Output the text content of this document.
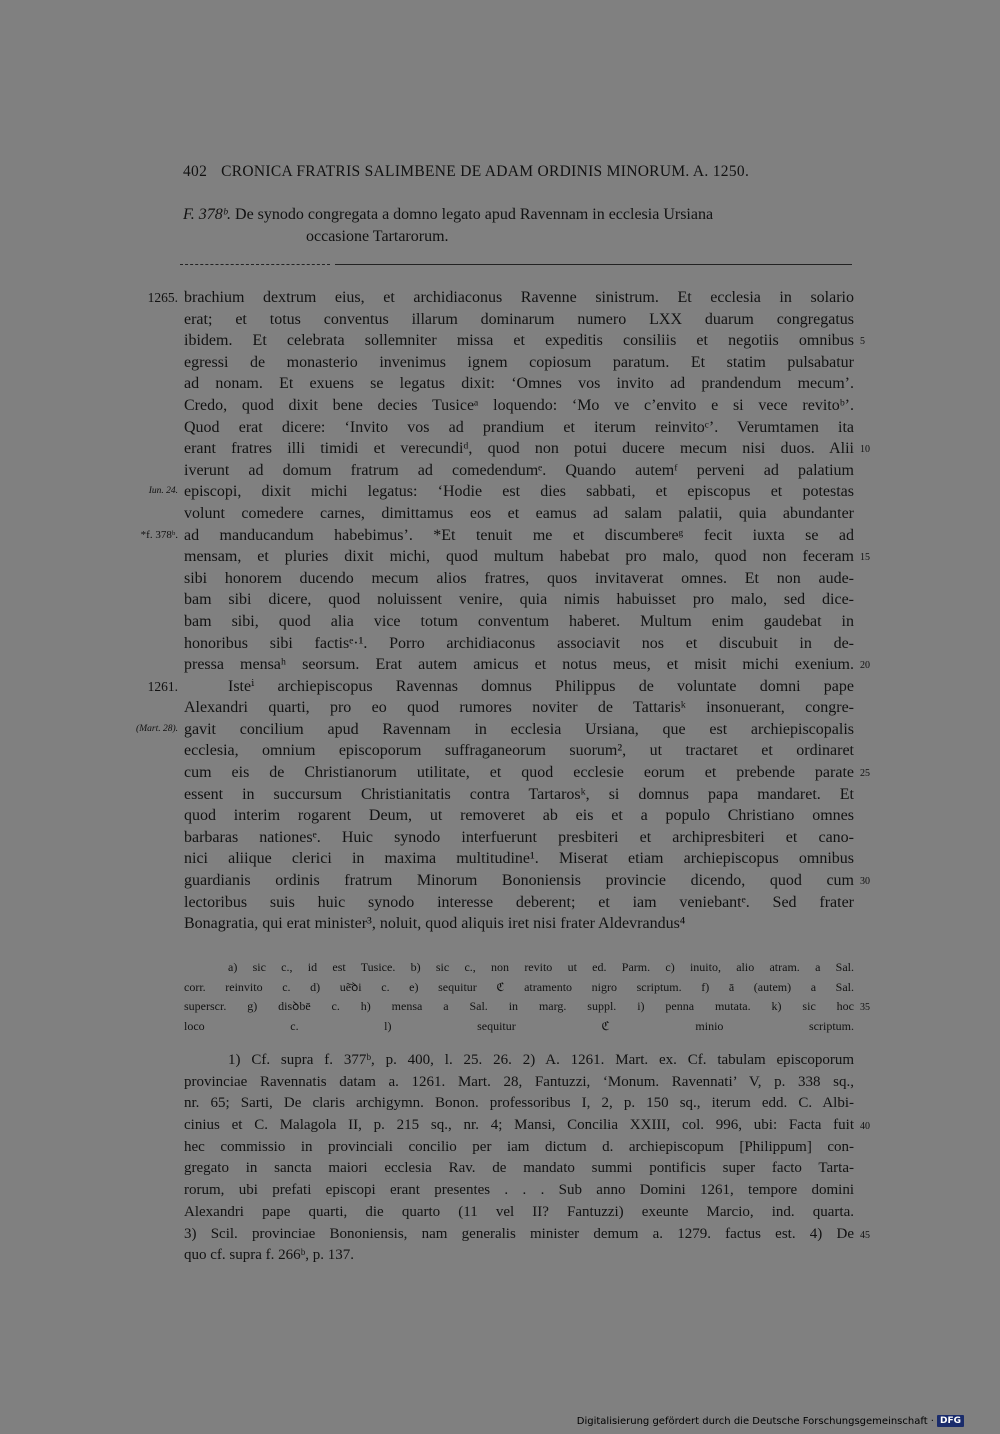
402 CRONICA FRATRIS SALIMBENE DE ADAM ORDINIS MINORUM. A. 1250.
F. 378ᵇ. De synodo congregata a domno legato apud Ravennam in ecclesia Ursiana
occasione Tartarorum.
brachium dextrum eius, et archidiaconus Ravenne sinistrum. Et ecclesia in solario
1265.
erat; et totus conventus illarum dominarum numero LXX duarum congregatus
ibidem. Et celebrata sollemniter missa et expeditis consiliis et negotiis omnibus 5
egressi de monasterio invenimus ignem copiosum paratum. Et statim pulsabatur
ad nonam. Et exuens se legatus dixit: ‘Omnes vos invito ad prandendum mecum’.
Credo, quod dixit bene decies Tusiceᵃ loquendo: ‘Mo ve c’envito e si vece revitoᵇ’.
Quod erat dicere: ‘Invito vos ad prandium et iterum reinvitoᶜ’. Verumtamen ita
erant fratres illi timidi et verecundiᵈ, quod non potui ducere mecum nisi duos. Alii 10
iverunt ad domum fratrum ad comedendumᵉ. Quando autemᶠ perveni ad palatium
episcopi, dixit michi legatus: ‘Hodie est dies sabbati, et episcopus et potestas
Iun. 24.
volunt comedere carnes, dimittamus eos et eamus ad salam palatii, quia abundanter
ad manducandum habebimus’. *Et tenuit me et discumbereᵍ fecit iuxta se ad
*f. 378ᵇ.
mensam, et pluries dixit michi, quod multum habebat pro malo, quod non feceram 15
sibi honorem ducendo mecum alios fratres, quos invitaverat omnes. Et non aude-
bam sibi dicere, quod noluissent venire, quia nimis habuisset pro malo, sed dice-
bam sibi, quod alia vice totum conventum haberet. Multum enim gaudebat in
honoribus sibi factisᵉ·¹. Porro archidiaconus associavit nos et discubuit in de-
pressa mensaʰ seorsum. Erat autem amicus et notus meus, et misit michi exenium. 20
Isteⁱ archiepiscopus Ravennas domnus Philippus de voluntate domni pape
1261.
Alexandri quarti, pro eo quod rumores noviter de Tattarisᵏ insonuerant, congre-
gavit concilium apud Ravennam in ecclesia Ursiana, que est archiepiscopalis
(Mart. 28).
ecclesia, omnium episcoporum suffraganeorum suorum², ut tractaret et ordinaret
cum eis de Christianorum utilitate, et quod ecclesie eorum et prebende parate 25
essent in succursum Christianitatis contra Tartarosᵏ, si domnus papa mandaret. Et
quod interim rogarent Deum, ut removeret ab eis et a populo Christiano omnes
barbaras nationesᵉ. Huic synodo interfuerunt presbiteri et archipresbiteri et cano-
nici aliique clerici in maxima multitudine¹. Miserat etiam archiepiscopus omnibus
guardianis ordinis fratrum Minorum Bononiensis provincie dicendo, quod cum 30
lectoribus suis huic synodo interesse deberent; et iam veniebantᵉ. Sed frater
Bonagratia, qui erat minister³, noluit, quod aliquis iret nisi frater Aldevrandus⁴
a) sic c., id est Tusice. b) sic c., non revito ut ed. Parm. c) inuito, alio atram. a Sal.
corr. reinvito c. d) uẽ̄ꝺi c. e) sequitur ℭ atramento nigro scriptum. f) ā (autem) a Sal.
superscr. g) disꝺbē c. h) mensa a Sal. in marg. suppl. i) penna mutata. k) sic hoc 35
loco c. l) sequitur ℭ minio scriptum.
1) Cf. supra f. 377ᵇ, p. 400, l. 25. 26. 2) A. 1261. Mart. ex. Cf. tabulam episcoporum
provinciae Ravennatis datam a. 1261. Mart. 28, Fantuzzi, ‘Monum. Ravennati’ V, p. 338 sq.,
nr. 65; Sarti, De claris archigymn. Bonon. professoribus I, 2, p. 150 sq., iterum edd. C. Albi-
cinius et C. Malagola II, p. 215 sq., nr. 4; Mansi, Concilia XXIII, col. 996, ubi: Facta fuit 40
hec commissio in provinciali concilio per iam dictum d. archiepiscopum [Philippum] con-
gregato in sancta maiori ecclesia Rav. de mandato summi pontificis super facto Tarta-
rorum, ubi prefati episcopi erant presentes . . . Sub anno Domini 1261, tempore domini
Alexandri pape quarti, die quarto (11 vel II? Fantuzzi) exeunte Marcio, ind. quarta.
3) Scil. provinciae Bononiensis, nam generalis minister demum a. 1279. factus est. 4) De 45
quo cf. supra f. 266ᵇ, p. 137.
Digitalisierung gefördert durch die Deutsche Forschungsgemeinschaft · DFG
